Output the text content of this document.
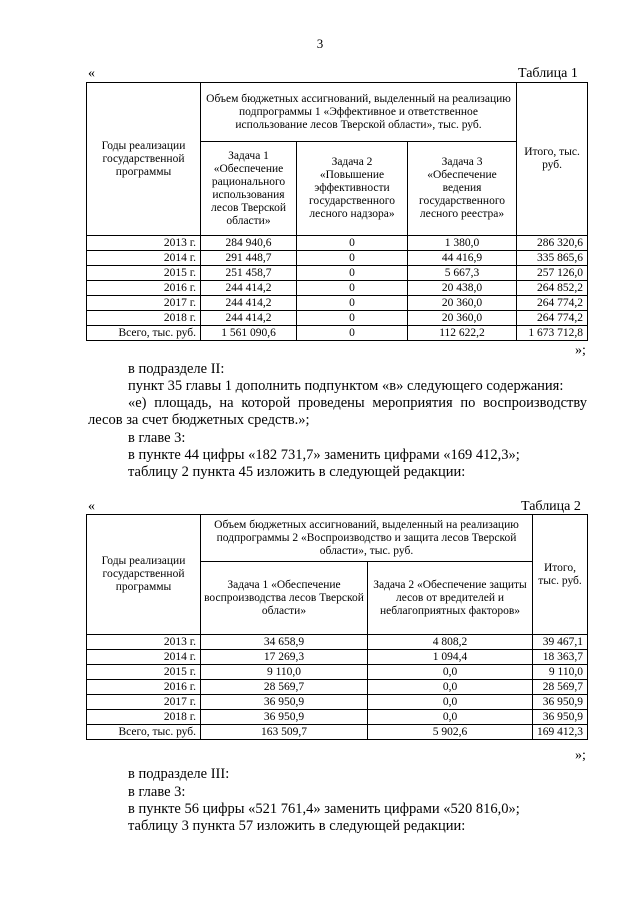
3
«	Таблица 1
Годы реализации государственной программы	Объем бюджетных ассигнований, выделенный на реализацию подпрограммы 1 «Эффективное и ответственное использование лесов Тверской области», тыс. руб.			Итого, тыс. руб.
	Задача 1 «Обеспечение рационального использования лесов Тверской области»	Задача 2 «Повышение эффективности государственного лесного надзора»	Задача 3 «Обеспечение ведения государственного лесного реестра»	
2013 г.	284 940,6	0	1 380,0	286 320,6
2014 г.	291 448,7	0	44 416,9	335 865,6
2015 г.	251 458,7	0	5 667,3	257 126,0
2016 г.	244 414,2	0	20 438,0	264 852,2
2017 г.	244 414,2	0	20 360,0	264 774,2
2018 г.	244 414,2	0	20 360,0	264 774,2
Всего, тыс. руб.	1 561 090,6	0	112 622,2	1 673 712,8
»;
в подразделе II:
пункт 35 главы 1 дополнить подпунктом «в» следующего содержания:
«е) площадь, на которой проведены мероприятия по воспроизводству
лесов за счет бюджетных средств.»;
в главе 3:
в пункте 44 цифры «182 731,7» заменить цифрами «169 412,3»;
таблицу 2 пункта 45 изложить в следующей редакции:
«	Таблица 2
Годы реализации государственной программы	Объем бюджетных ассигнований, выделенный на реализацию подпрограммы 2 «Воспроизводство и защита лесов Тверской области», тыс. руб.		Итого, тыс. руб.
	Задача 1 «Обеспечение воспроизводства лесов Тверской области»	Задача 2 «Обеспечение защиты лесов от вредителей и неблагоприятных факторов»	
2013 г.	34 658,9	4 808,2	39 467,1
2014 г.	17 269,3	1 094,4	18 363,7
2015 г.	9 110,0	0,0	9 110,0
2016 г.	28 569,7	0,0	28 569,7
2017 г.	36 950,9	0,0	36 950,9
2018 г.	36 950,9	0,0	36 950,9
Всего, тыс. руб.	163 509,7	5 902,6	169 412,3
»;
в подразделе III:
в главе 3:
в пункте 56 цифры «521 761,4» заменить цифрами «520 816,0»;
таблицу 3 пункта 57 изложить в следующей редакции:
